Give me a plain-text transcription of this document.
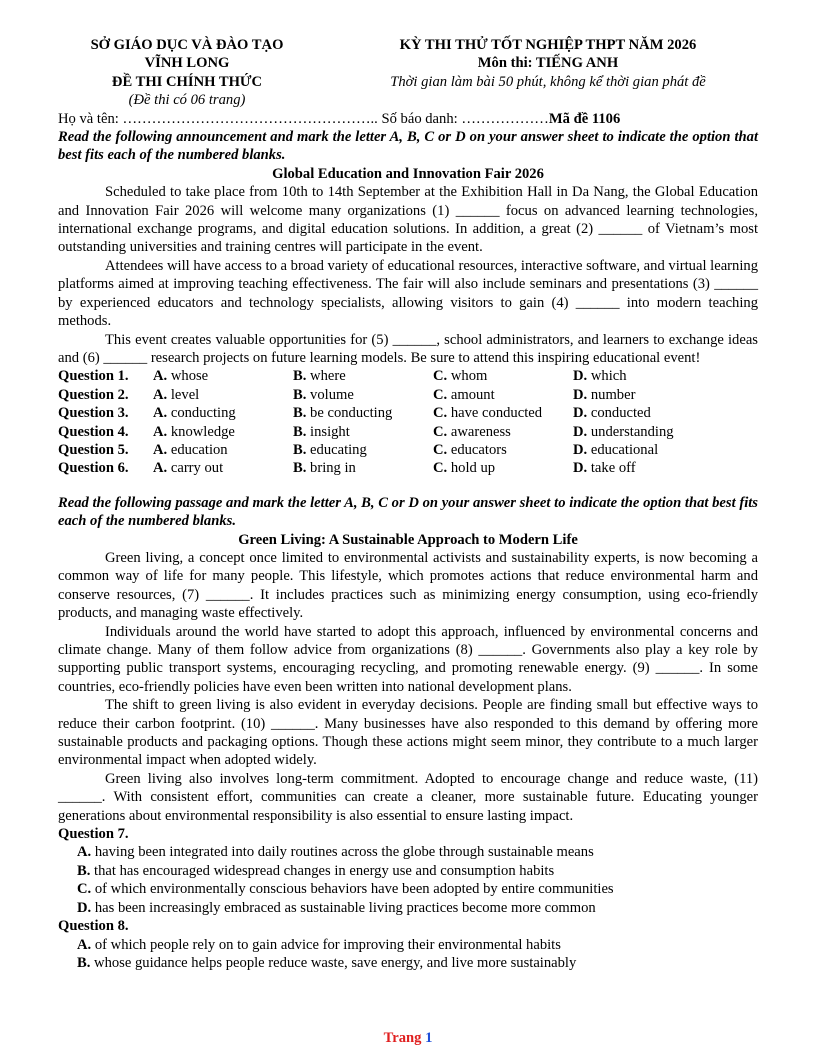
SỞ GIÁO DỤC VÀ ĐÀO TẠO
VĨNH LONG
ĐỀ THI CHÍNH THỨC
(Đề thi có 06 trang)
KỲ THI THỬ TỐT NGHIỆP THPT NĂM 2026
Môn thi: TIẾNG ANH
Thời gian làm bài 50 phút, không kể thời gian phát đề
Họ và tên: …………………………………………….. Số báo danh: ………………Mã đề 1106
Read the following announcement and mark the letter A, B, C or D on your answer sheet to indicate the option that best fits each of the numbered blanks.
Global Education and Innovation Fair 2026
Scheduled to take place from 10th to 14th September at the Exhibition Hall in Da Nang, the Global Education and Innovation Fair 2026 will welcome many organizations (1) ______ focus on advanced learning technologies, international exchange programs, and digital education solutions. In addition, a great (2) ______ of Vietnam’s most outstanding universities and training centres will participate in the event.
Attendees will have access to a broad variety of educational resources, interactive software, and virtual learning platforms aimed at improving teaching effectiveness. The fair will also include seminars and presentations (3) ______ by experienced educators and technology specialists, allowing visitors to gain (4) ______ into modern teaching methods.
This event creates valuable opportunities for (5) ______, school administrators, and learners to exchange ideas and (6) ______ research projects on future learning models. Be sure to attend this inspiring educational event!
Question 1.	A. whose	B. where	C. whom	D. which
Question 2.	A. level	B. volume	C. amount	D. number
Question 3.	A. conducting	B. be conducting	C. have conducted	D. conducted
Question 4.	A. knowledge	B. insight	C. awareness	D. understanding
Question 5.	A. education	B. educating	C. educators	D. educational
Question 6.	A. carry out	B. bring in	C. hold up	D. take off
Read the following passage and mark the letter A, B, C or D on your answer sheet to indicate the option that best fits each of the numbered blanks.
Green Living: A Sustainable Approach to Modern Life
Green living, a concept once limited to environmental activists and sustainability experts, is now becoming a common way of life for many people. This lifestyle, which promotes actions that reduce environmental harm and conserve resources, (7) ______. It includes practices such as minimizing energy consumption, using eco-friendly products, and managing waste effectively.
Individuals around the world have started to adopt this approach, influenced by environmental concerns and climate change. Many of them follow advice from organizations (8) ______. Governments also play a key role by supporting public transport systems, encouraging recycling, and promoting renewable energy. (9) ______. In some countries, eco-friendly policies have even been written into national development plans.
The shift to green living is also evident in everyday decisions. People are finding small but effective ways to reduce their carbon footprint. (10) ______. Many businesses have also responded to this demand by offering more sustainable products and packaging options. Though these actions might seem minor, they contribute to a much larger environmental impact when adopted widely.
Green living also involves long-term commitment. Adopted to encourage change and reduce waste, (11) ______. With consistent effort, communities can create a cleaner, more sustainable future. Educating younger generations about environmental responsibility is also essential to ensure lasting impact.
Question 7.
A. having been integrated into daily routines across the globe through sustainable means
B. that has encouraged widespread changes in energy use and consumption habits
C. of which environmentally conscious behaviors have been adopted by entire communities
D. has been increasingly embraced as sustainable living practices become more common
Question 8.
A. of which people rely on to gain advice for improving their environmental habits
B. whose guidance helps people reduce waste, save energy, and live more sustainably
Trang 1
